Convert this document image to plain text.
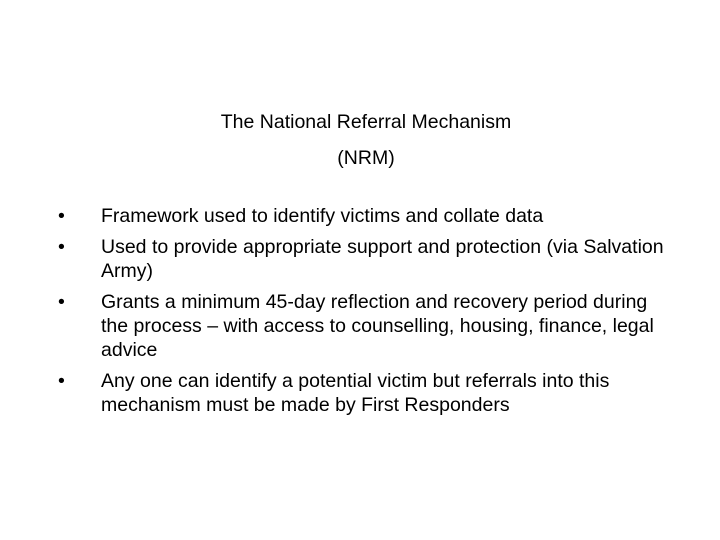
The National Referral Mechanism
(NRM)
•	Framework used to identify victims and collate data
•	Used to provide appropriate support and protection (via Salvation Army)
•	Grants a minimum 45-day reflection and recovery period during the process – with access to counselling, housing, finance, legal advice
•	Any one can identify a potential victim but referrals into this mechanism must be made by First Responders
